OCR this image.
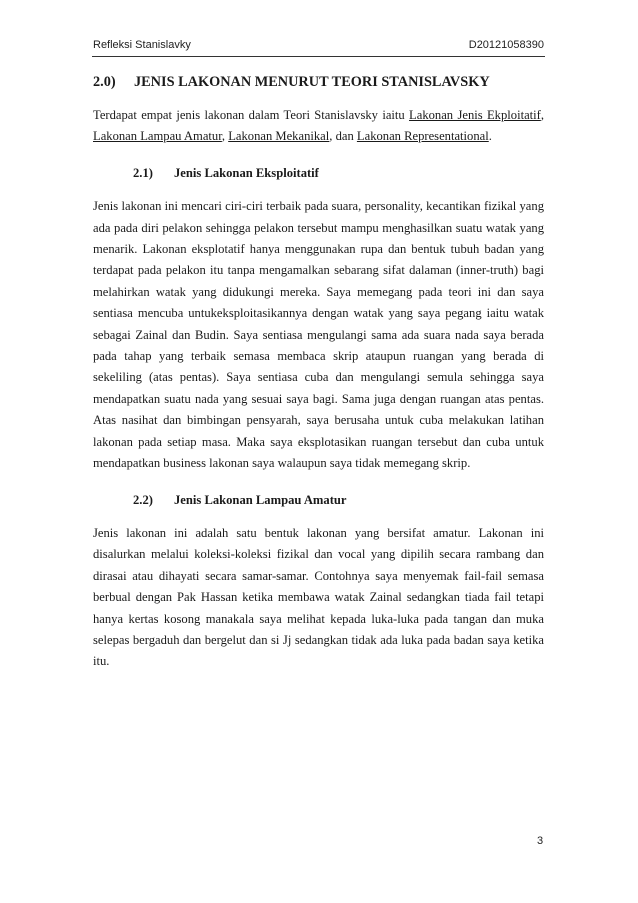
Refleksi Stanislavky	D20121058390
2.0)	JENIS LAKONAN MENURUT TEORI STANISLAVSKY

Terdapat empat jenis lakonan dalam Teori Stanislavsky iaitu Lakonan Jenis Ekploitatif, Lakonan Lampau Amatur, Lakonan Mekanikal, dan Lakonan Representational.

2.1)	Jenis Lakonan Eksploitatif

Jenis lakonan ini mencari ciri-ciri terbaik pada suara, personality, kecantikan fizikal yang ada pada diri pelakon sehingga pelakon tersebut mampu menghasilkan suatu watak yang menarik. Lakonan eksplotatif hanya menggunakan rupa dan bentuk tubuh badan yang terdapat pada pelakon itu tanpa mengamalkan sebarang sifat dalaman (inner-truth) bagi melahirkan watak yang didukungi mereka. Saya memegang pada teori ini dan saya sentiasa mencuba untukeksploitasikannya dengan watak yang saya pegang iaitu watak sebagai Zainal dan Budin. Saya sentiasa mengulangi sama ada suara nada saya berada pada tahap yang terbaik semasa membaca skrip ataupun ruangan yang berada di sekeliling (atas pentas). Saya sentiasa cuba dan mengulangi semula sehingga saya mendapatkan suatu nada yang sesuai saya bagi. Sama juga dengan ruangan atas pentas. Atas nasihat dan bimbingan pensyarah, saya berusaha untuk cuba melakukan latihan lakonan pada setiap masa. Maka saya eksplotasikan ruangan tersebut dan cuba untuk mendapatkan business lakonan saya walaupun saya tidak memegang skrip.

2.2)	Jenis Lakonan Lampau Amatur

Jenis lakonan ini adalah satu bentuk lakonan yang bersifat amatur. Lakonan ini disalurkan melalui koleksi-koleksi fizikal dan vocal yang dipilih secara rambang dan dirasai atau dihayati secara samar-samar. Contohnya saya menyemak fail-fail semasa berbual dengan Pak Hassan ketika membawa watak Zainal sedangkan tiada fail tetapi hanya kertas kosong manakala saya melihat kepada luka-luka pada tangan dan muka selepas bergaduh dan bergelut dan si Jj sedangkan tidak ada luka pada badan saya ketika itu.

3
